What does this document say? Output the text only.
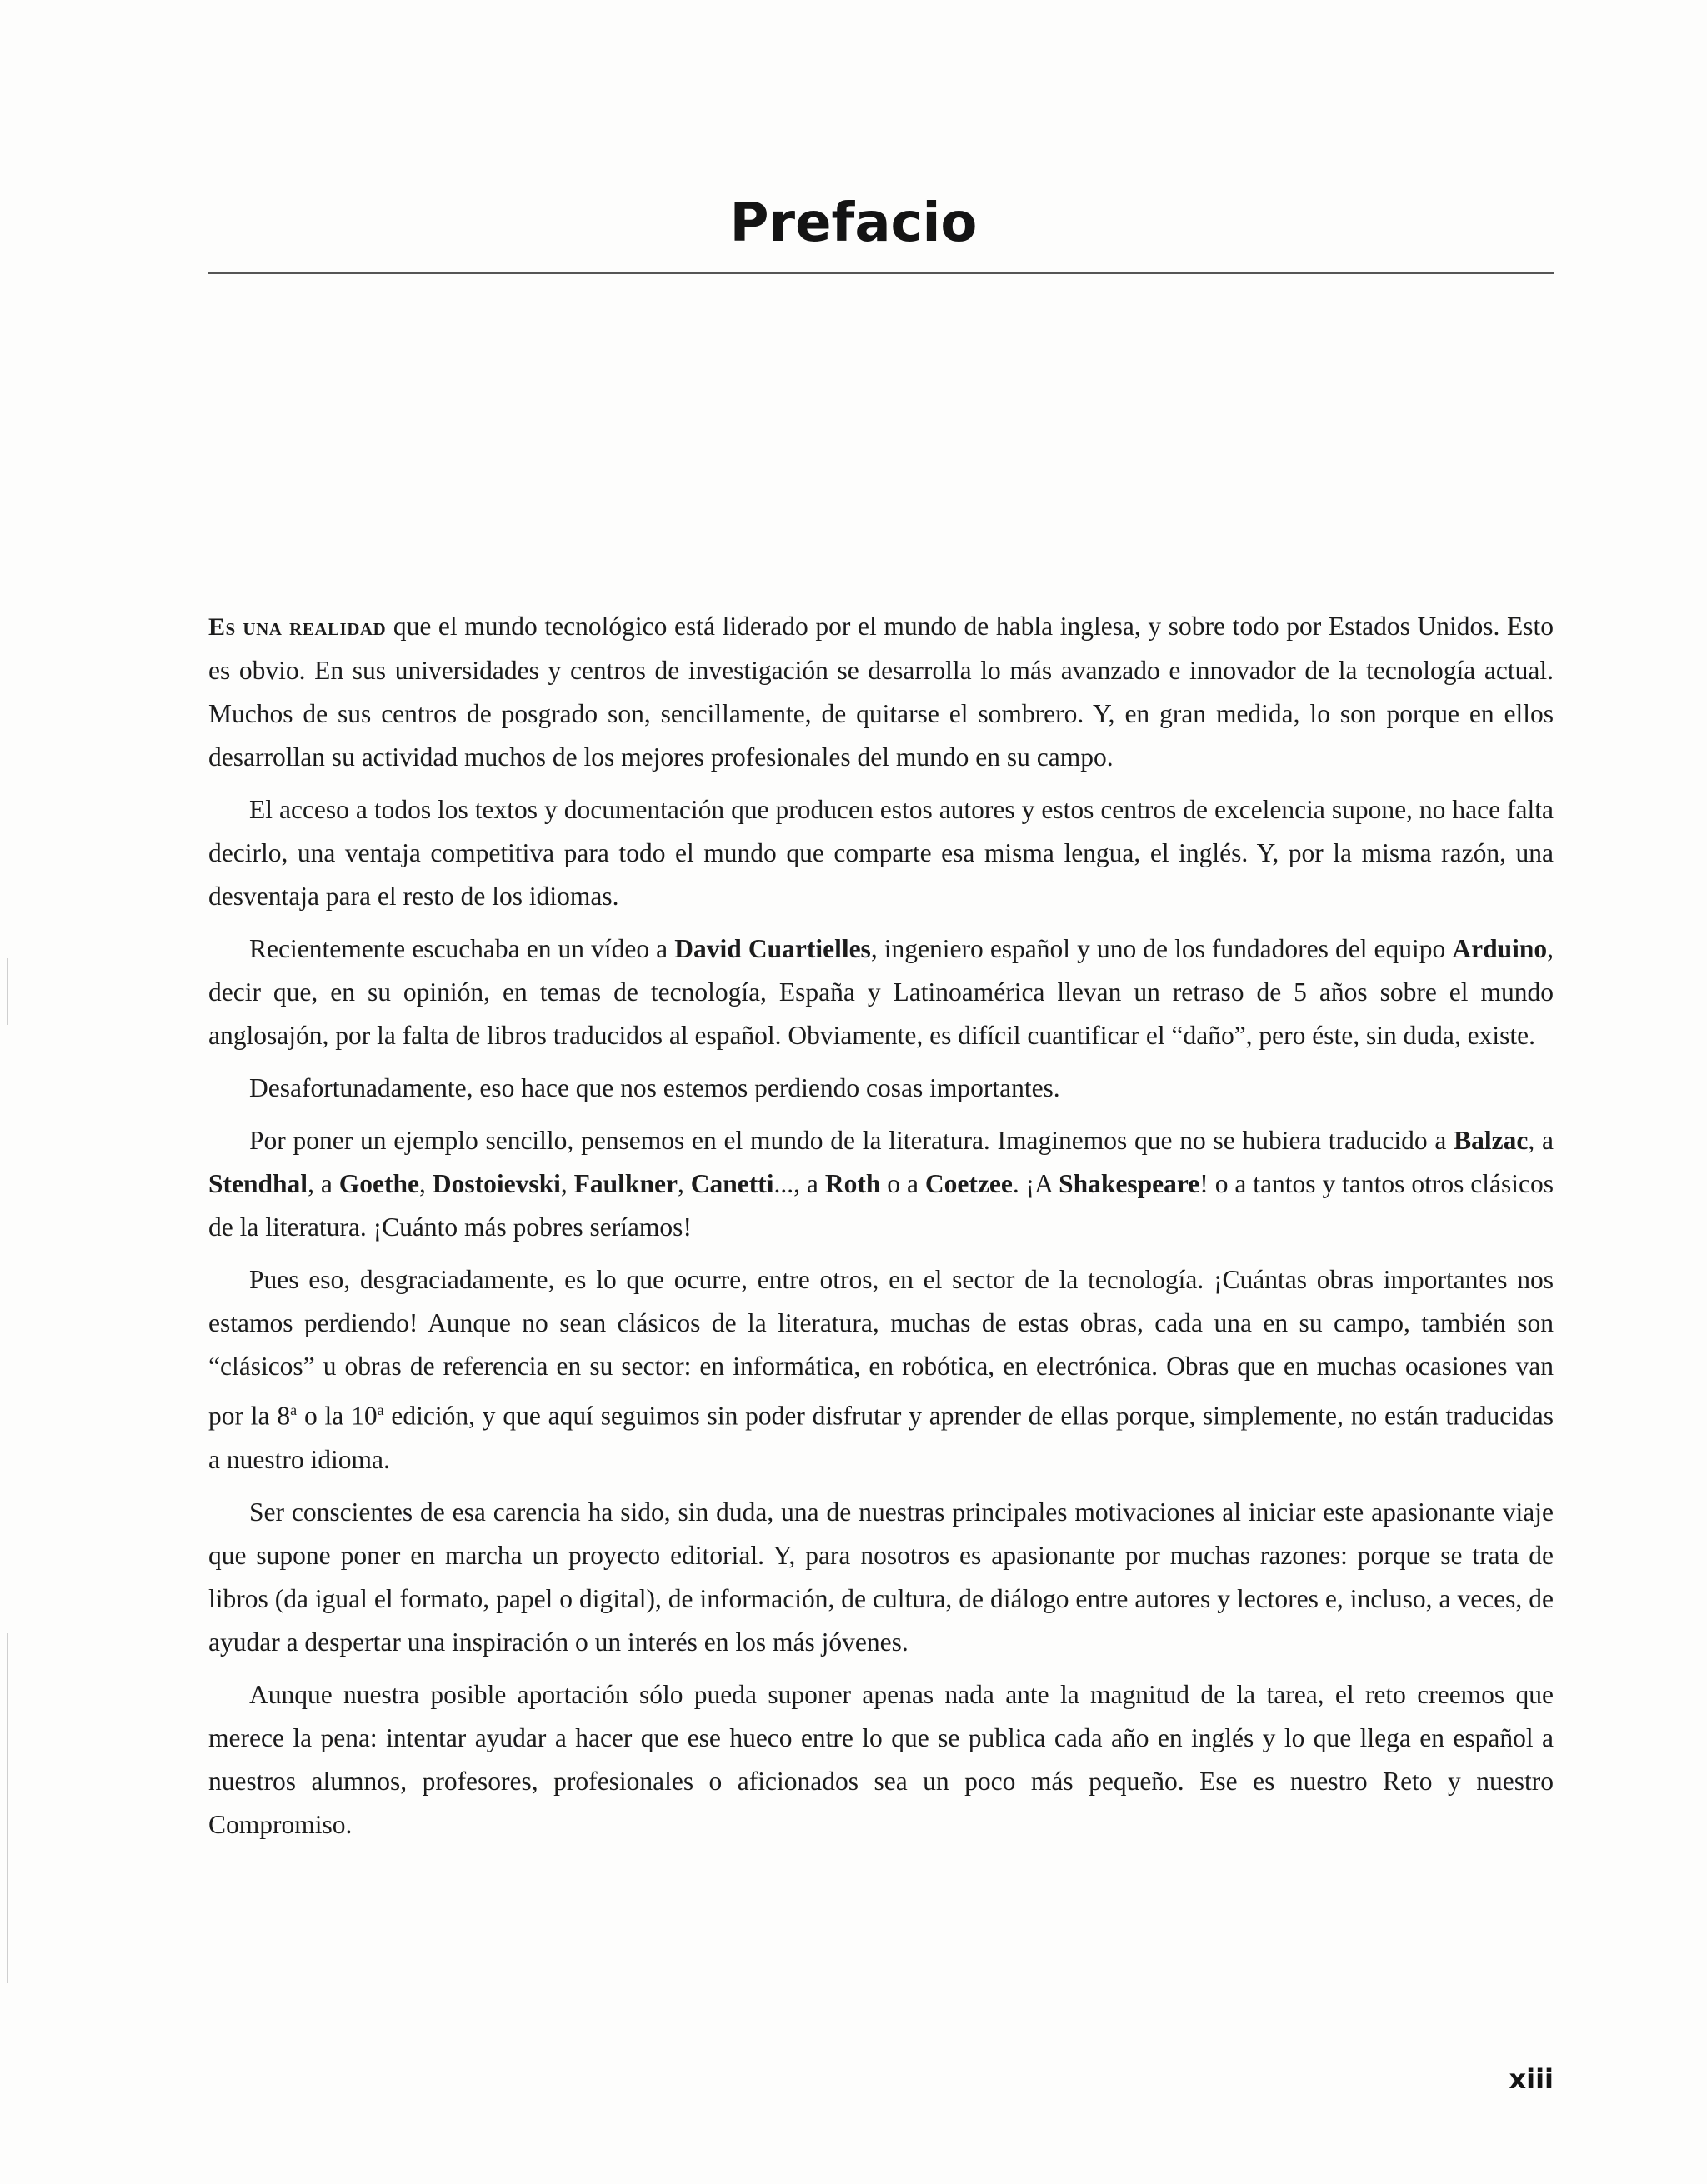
Prefacio

Es una realidad que el mundo tecnológico está liderado por el mundo de habla inglesa, y sobre todo por Estados Unidos. Esto es obvio. En sus universidades y centros de investigación se desarrolla lo más avanzado e innovador de la tecnología actual. Muchos de sus centros de posgrado son, sencillamente, de quitarse el sombrero. Y, en gran medida, lo son porque en ellos desarrollan su actividad muchos de los mejores profesionales del mundo en su campo.

El acceso a todos los textos y documentación que producen estos autores y estos centros de excelencia supone, no hace falta decirlo, una ventaja competitiva para todo el mundo que comparte esa misma lengua, el inglés. Y, por la misma razón, una desventaja para el resto de los idiomas.

Recientemente escuchaba en un vídeo a David Cuartielles, ingeniero español y uno de los fundadores del equipo Arduino, decir que, en su opinión, en temas de tecnología, España y Latinoamérica llevan un retraso de 5 años sobre el mundo anglosajón, por la falta de libros traducidos al español. Obviamente, es difícil cuantificar el “daño”, pero éste, sin duda, existe.

Desafortunadamente, eso hace que nos estemos perdiendo cosas importantes.

Por poner un ejemplo sencillo, pensemos en el mundo de la literatura. Imaginemos que no se hubiera traducido a Balzac, a Stendhal, a Goethe, Dostoievski, Faulkner, Canetti..., a Roth o a Coetzee. ¡A Shakespeare! o a tantos y tantos otros clásicos de la literatura. ¡Cuánto más pobres seríamos!

Pues eso, desgraciadamente, es lo que ocurre, entre otros, en el sector de la tecnología. ¡Cuántas obras importantes nos estamos perdiendo! Aunque no sean clásicos de la literatura, muchas de estas obras, cada una en su campo, también son “clásicos” u obras de referencia en su sector: en informática, en robótica, en electrónica. Obras que en muchas ocasiones van por la 8$^a$ o la 10$^a$ edición, y que aquí seguimos sin poder disfrutar y aprender de ellas porque, simplemente, no están traducidas a nuestro idioma.

Ser conscientes de esa carencia ha sido, sin duda, una de nuestras principales motivaciones al iniciar este apasionante viaje que supone poner en marcha un proyecto editorial. Y, para nosotros es apasionante por muchas razones: porque se trata de libros (da igual el formato, papel o digital), de información, de cultura, de diálogo entre autores y lectores e, incluso, a veces, de ayudar a despertar una inspiración o un interés en los más jóvenes.

Aunque nuestra posible aportación sólo pueda suponer apenas nada ante la magnitud de la tarea, el reto creemos que merece la pena: intentar ayudar a hacer que ese hueco entre lo que se publica cada año en inglés y lo que llega en español a nuestros alumnos, profesores, profesionales o aficionados sea un poco más pequeño. Ese es nuestro Reto y nuestro Compromiso.

xiii
